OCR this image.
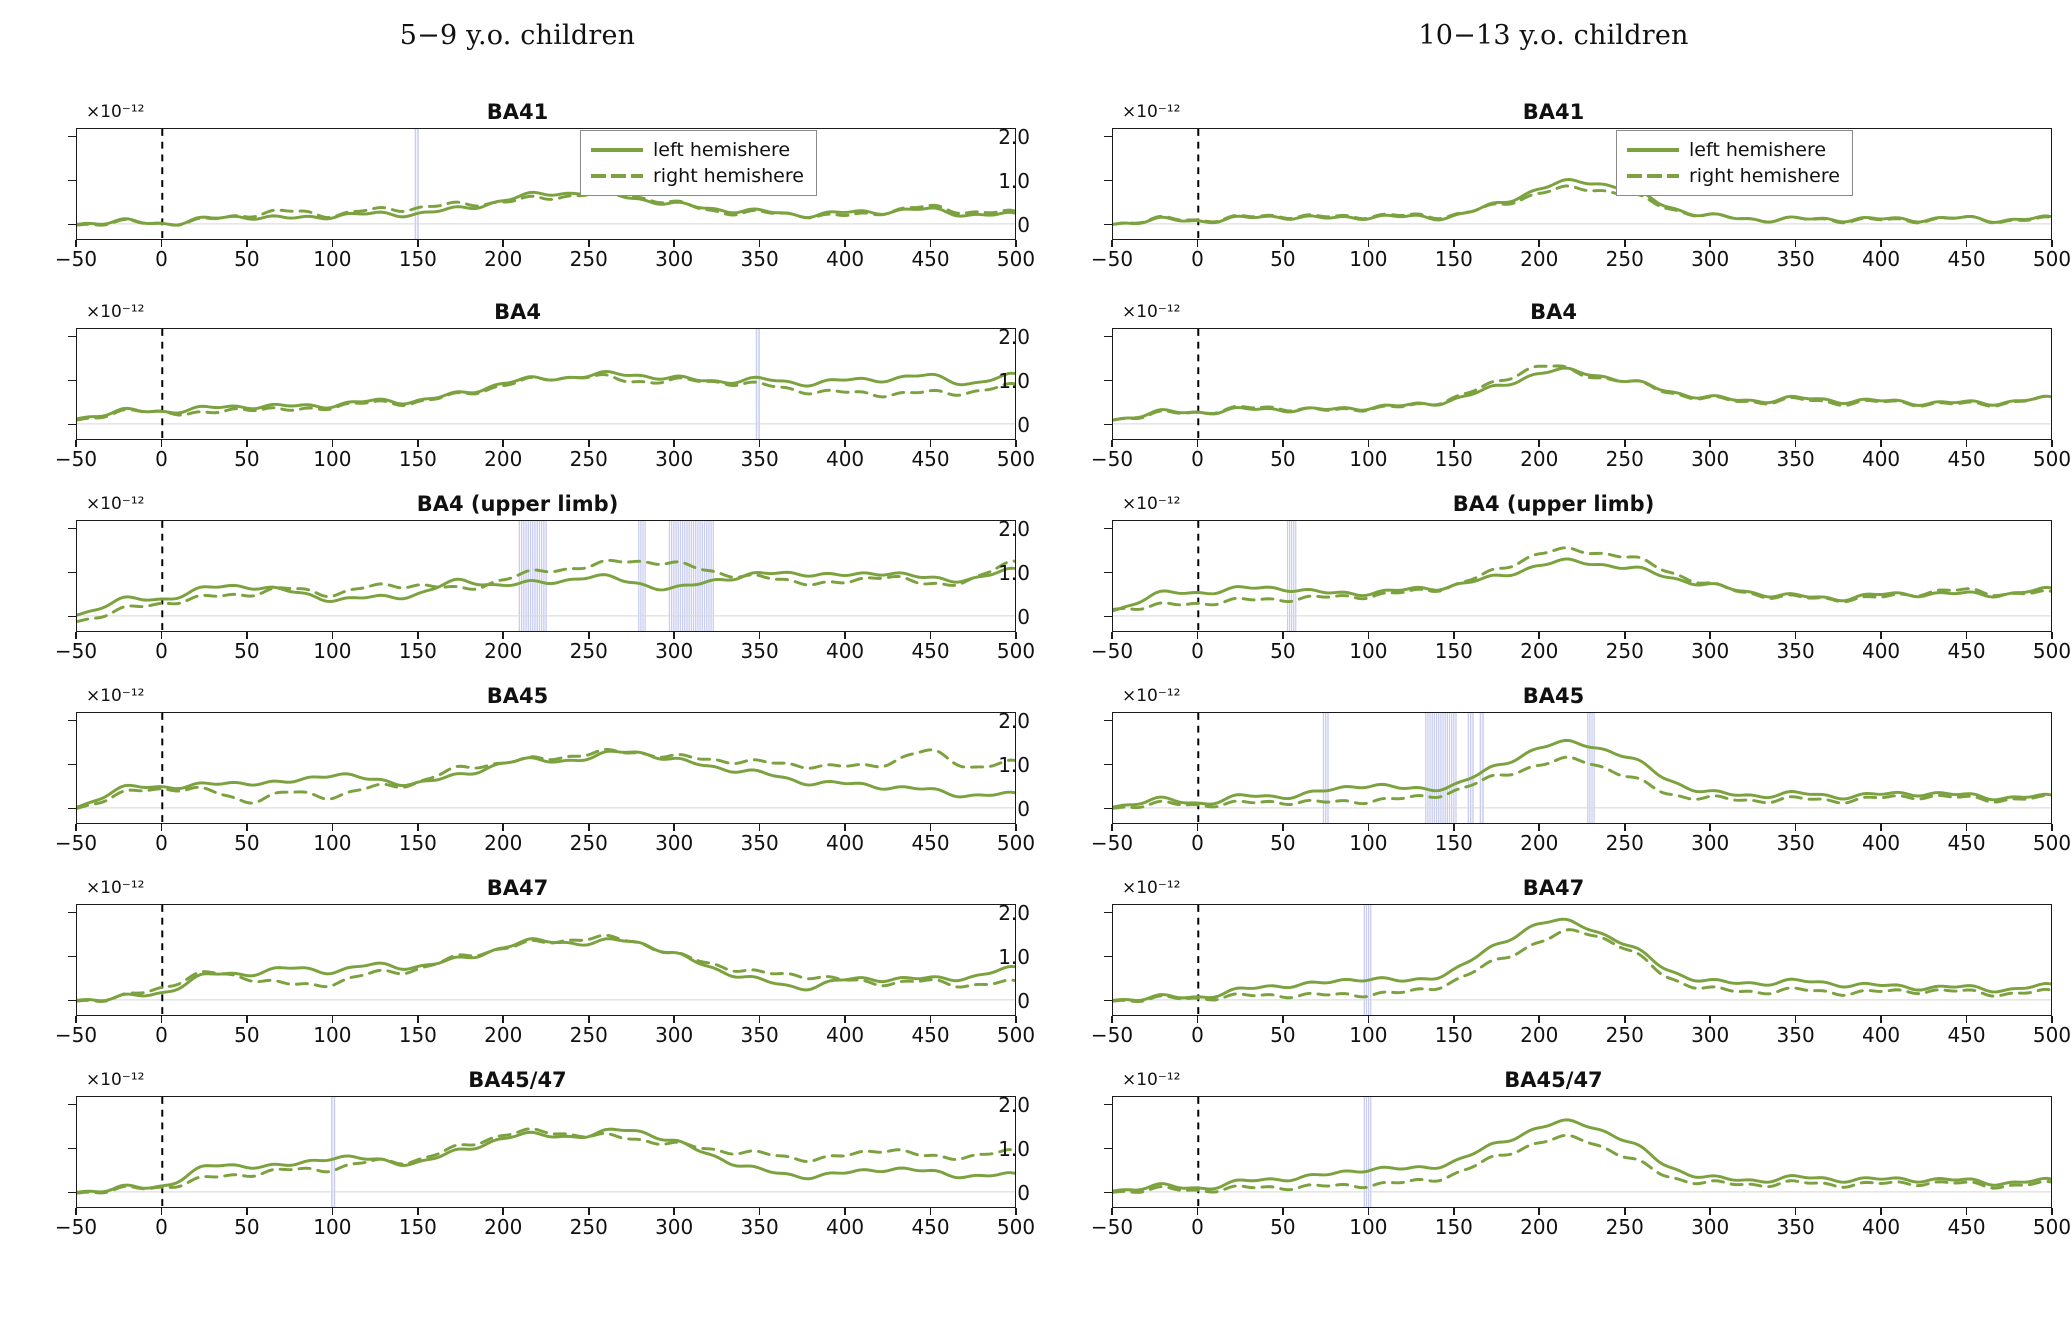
5−9 y.o. children
BA41
×10⁻¹²
−50	0	50	100 150 200 250 300 350 400 450 500
left hemishere
right hemishere
BA4
×10⁻¹²
−50	0	50	100 150 200 250 300 350 400 450 500
BA4 (upper limb)
×10⁻¹²
−50	0	50	100 150 200 250 300 350 400 450 500
BA45
×10⁻¹²
−50	0	50	100 150 200 250 300 350 400 450 500
BA47
×10⁻¹²
−50	0	50	100 150 200 250 300 350 400 450 500
BA45/47
×10⁻¹²
−50	0	50	100 150 200 250 300 350 400 450 500
10−13 y.o. children
BA41
×10⁻¹²
0
1.0
2.0
−50	0	50	100 150 200 250 300 350 400 450 500
left hemishere
right hemishere
BA4
×10⁻¹²
0
1.0
2.0
−50	0	50	100 150 200 250 300 350 400 450 500
BA4 (upper limb)
×10⁻¹²
0
1.0
2.0
−50	0	50	100 150 200 250 300 350 400 450 500
BA45
×10⁻¹²
0
1.0
2.0
−50	0	50	100 150 200 250 300 350 400 450 500
BA47
×10⁻¹²
0
1.0
2.0
−50	0	50	100 150 200 250 300 350 400 450 500
BA45/47
×10⁻¹²
0
1.0
2.0
−50	0	50	100 150 200 250 300 350 400 450 500
